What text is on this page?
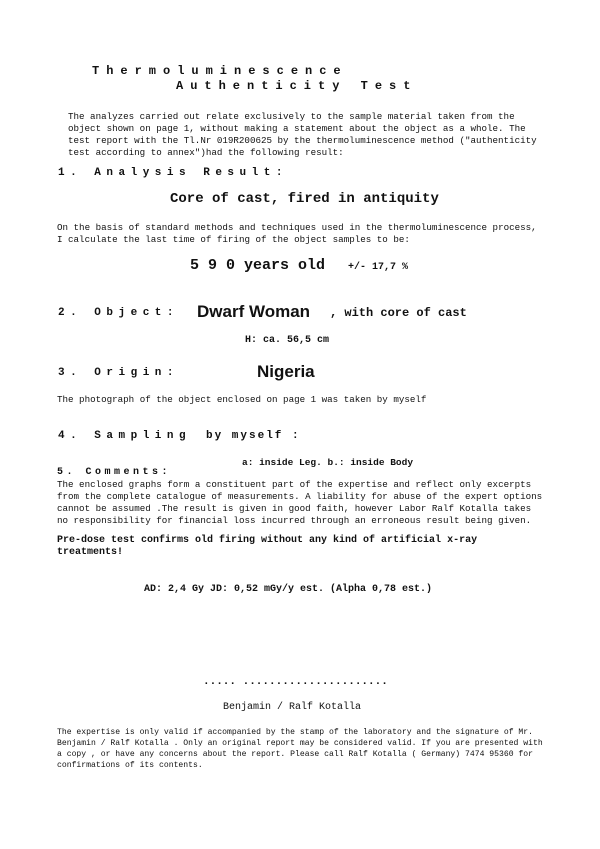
Thermoluminescence
Authenticity Test
The analyzes carried out relate exclusively to the sample material taken from the object shown on page 1, without making a statement about the object as a whole. The test report with the Tl.Nr 019R200625 by the thermoluminescence method ("authenticity test according to annex")had the following result:
1. Analysis Result:
Core of cast, fired in antiquity
On the basis of standard methods and techniques used in the thermoluminescence process, I calculate the last time of firing of the object samples to be:
5 9 0 years old +/- 17,7 %
2. Object: Dwarf Woman , with core of cast
H: ca. 56,5 cm
3. Origin:	Nigeria
The photograph of the object enclosed on page 1 was taken by myself
4. Sampling by myself :
a: inside Leg. b.: inside Body
5. Comments:
The enclosed graphs form a constituent part of the expertise and reflect only excerpts from the complete catalogue of measurements. A liability for abuse of the expert options cannot be assumed .The result is given in good faith, however Labor Ralf Kotalla takes no responsibility for financial loss incurred through an erroneous result being given.
Pre-dose test confirms old firing without any kind of artificial x-ray treatments!
AD: 2,4 Gy JD: 0,52 mGy/y est. (Alpha 0,78 est.)
..... ......................
Benjamin / Ralf Kotalla
The expertise is only valid if accompanied by the stamp of the laboratory and the signature of Mr. Benjamin / Ralf Kotalla . Only an original report may be considered valid. If you are presented with a copy , or have any concerns about the report. Please call Ralf Kotalla ( Germany) 7474 95360 for confirmations of its contents.
